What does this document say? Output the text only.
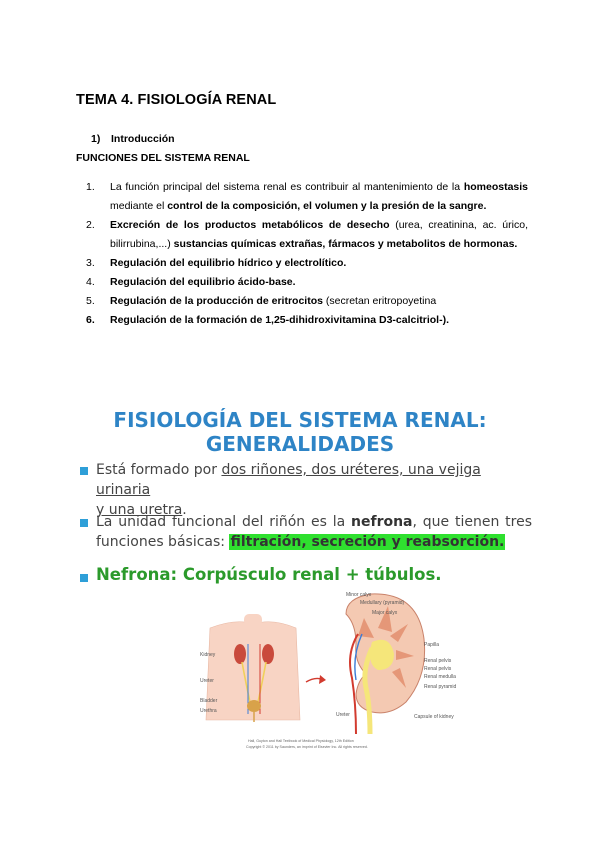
TEMA 4. FISIOLOGÍA RENAL
1) Introducción
FUNCIONES DEL SISTEMA RENAL
1. La función principal del sistema renal es contribuir al mantenimiento de la homeostasis mediante el control de la composición, el volumen y la presión de la sangre.
2. Excreción de los productos metabólicos de desecho (urea, creatinina, ac. úrico, bilirrubina,...) sustancias químicas extrañas, fármacos y metabolitos de hormonas.
3. Regulación del equilibrio hídrico y electrolítico.
4. Regulación del equilibrio ácido-base.
5. Regulación de la producción de eritrocitos (secretan eritropoyetina
6. Regulación de la formación de 1,25-dihidroxivitamina D3-calcitriol-).
FISIOLOGÍA DEL SISTEMA RENAL:
GENERALIDADES
Está formado por dos riñones, dos uréteres, una vejiga urinaria
y una uretra.
La unidad funcional del riñón es la nefrona, que tienen tres
funciones básicas: filtración, secreción y reabsorción.
Nefrona: Corpúsculo renal + túbulos.
Kidney
Ureter
Bladder
Urethra
Minor calyx
Medullary (pyramid)
Major calyx
Papilla
Renal pelvis
Renal pelvis
Renal medulla
Renal pyramid
Ureter	Capsule of kidney
Hall, Guyton and Hall Textbook of Medical Physiology, 12th Edition
Copyright © 2011 by Saunders, an imprint of Elsevier Inc. All rights reserved.
